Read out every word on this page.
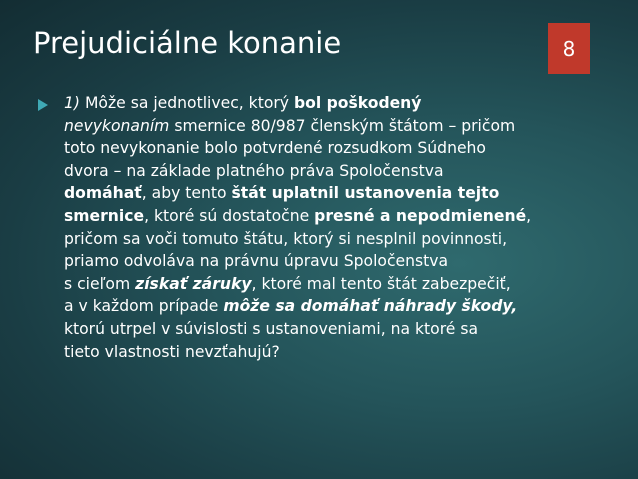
Prejudiciálne konanie	8
1) Môže sa jednotlivec, ktorý bol poškodený
nevykonaním smernice 80/987 členským štátom – pričom
toto nevykonanie bolo potvrdené rozsudkom Súdneho
dvora – na základe platného práva Spoločenstva
domáhať, aby tento štát uplatnil ustanovenia tejto
smernice, ktoré sú dostatočne presné a nepodmienené,
pričom sa voči tomuto štátu, ktorý si nesplnil povinnosti,
priamo odvoláva na právnu úpravu Spoločenstva
s cieľom získať záruky, ktoré mal tento štát zabezpečiť,
a v každom prípade môže sa domáhať náhrady škody,
ktorú utrpel v súvislosti s ustanoveniami, na ktoré sa
tieto vlastnosti nevzťahujú?
